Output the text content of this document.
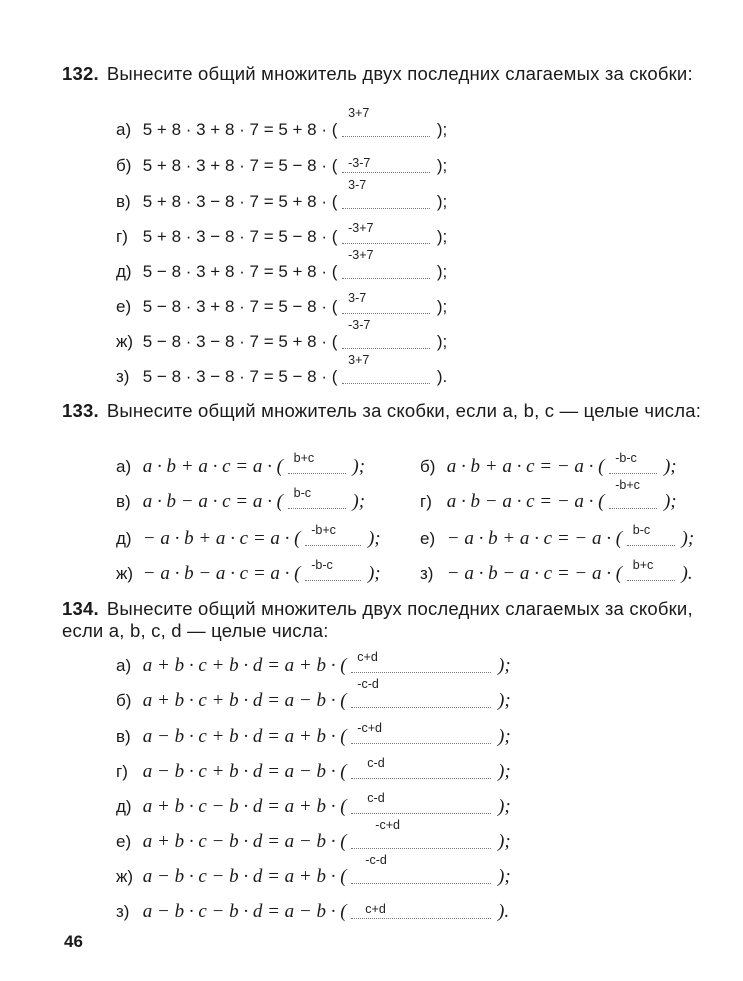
132. Вынесите общий множитель двух последних слагаемых за скобки:
а) 5 + 8 · 3 + 8 · 7 = 5 + 8 · (
3+7
);
б) 5 + 8 · 3 + 8 · 7 = 5 − 8 · ( -3-7	);
в) 5 + 8 · 3 − 8 · 7 = 5 + 8 · (
3-7
);
г) 5 + 8 · 3 − 8 · 7 = 5 − 8 · ( -3+7	);
д) 5 − 8 · 3 + 8 · 7 = 5 + 8 · (
-3+7
);
е) 5 − 8 · 3 + 8 · 7 = 5 − 8 · ( 3-7	);
ж) 5 − 8 · 3 − 8 · 7 = 5 + 8 · (
-3-7
);
з) 5 − 8 · 3 − 8 · 7 = 5 − 8 · (
3+7
).
133. Вынесите общий множитель за скобки, если a, b, c — целые числа:
а) a · b + a · c = a · ( b+c );	б) a · b + a · c = − a · ( -b-c );
в) a · b − a · c = a · ( b-c );	г) a · b − a · c = − a · (
-b+c
);
д) − a · b + a · c = a · ( -b+c ); е) − a · b + a · c = − a · ( b-c );
ж) − a · b − a · c = a · ( -b-c ); з) − a · b − a · c = − a · ( b+c ).
134. Вынесите общий множитель двух последних слагаемых за скобки, если a, b, c, d — целые числа:
а) a + b · c + b · d = a + b · ( c+d	);
б) a + b · c + b · d = a − b · (
-c-d
);
в) a − b · c + b · d = a + b · ( -c+d	);
г) a − b · c + b · d = a − b · ( c-d	);
д) a + b · c − b · d = a + b · ( c-d	);
е) a + b · c − b · d = a − b · (
-c+d
);
ж) a − b · c − b · d = a + b · (
-c-d
);
з) a − b · c − b · d = a − b · ( c+d	).
46
